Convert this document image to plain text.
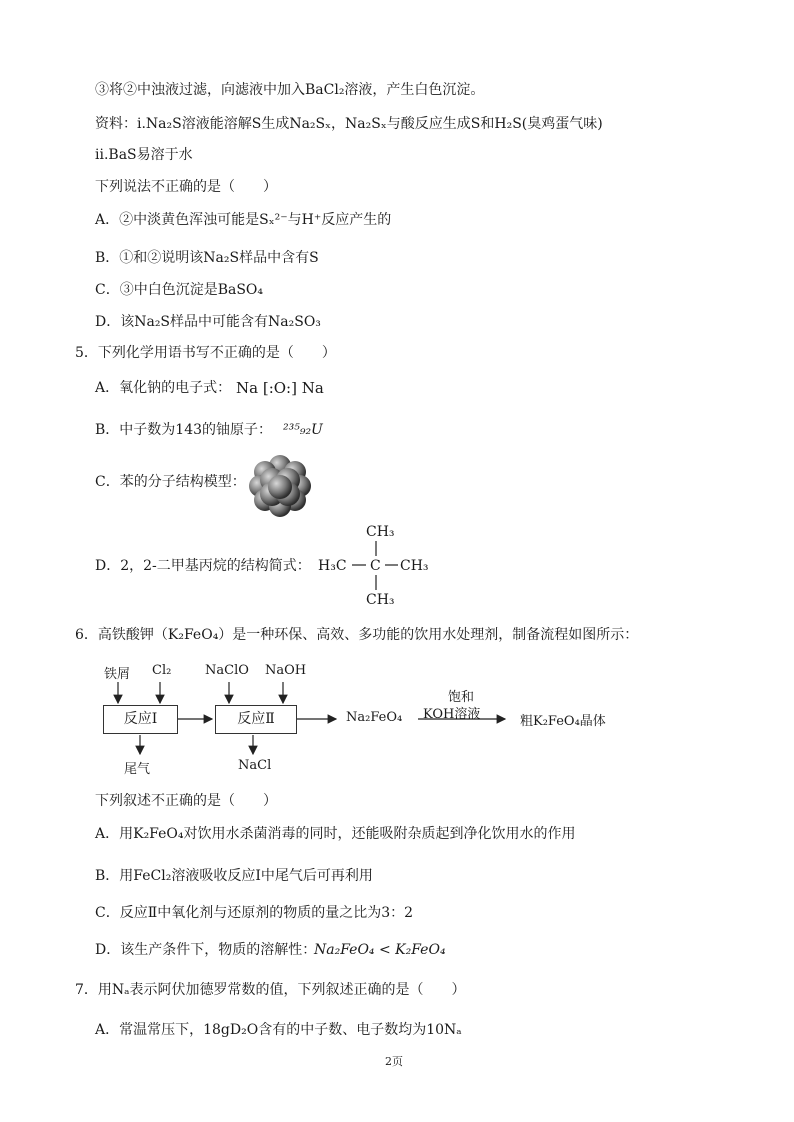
③将②中浊液过滤，向滤液中加入BaCl₂溶液，产生白色沉淀。
资料：i.Na₂S溶液能溶解S生成Na₂Sₓ，Na₂Sₓ与酸反应生成S和H₂S(臭鸡蛋气味)
ii.BaS易溶于水
下列说法不正确的是（　　）
A．②中淡黄色浑浊可能是Sₓ²⁻与H⁺反应产生的
B．①和②说明该Na₂S样品中含有S
C．③中白色沉淀是BaSO₄
D．该Na₂S样品中可能含有Na₂SO₃
5．下列化学用语书写不正确的是（　　）
A．氧化钠的电子式： Na [:O:] Na
B．中子数为143的铀原子： ²³⁵₉₂U
C．苯的分子结构模型：
D．2，2-二甲基丙烷的结构简式：
CH₃
H₃C C CH₃
CH₃
6．高铁酸钾（K₂FeO₄）是一种环保、高效、多功能的饮用水处理剂，制备流程如图所示：
铁屑 Cl₂	NaClO NaOH
反应Ⅰ	反应Ⅱ	Na₂FeO₄
饱和
KOH溶液	粗K₂FeO₄晶体
尾气	NaCl
下列叙述不正确的是（　　）
A．用K₂FeO₄对饮用水杀菌消毒的同时，还能吸附杂质起到净化饮用水的作用
B．用FeCl₂溶液吸收反应Ⅰ中尾气后可再利用
C．反应Ⅱ中氧化剂与还原剂的物质的量之比为3：2
D．该生产条件下，物质的溶解性：
Na₂FeO₄ < K₂FeO₄
7．用Nₐ表示阿伏加德罗常数的值，下列叙述正确的是（　　）
A．常温常压下，18gD₂O含有的中子数、电子数均为10Nₐ
2页
